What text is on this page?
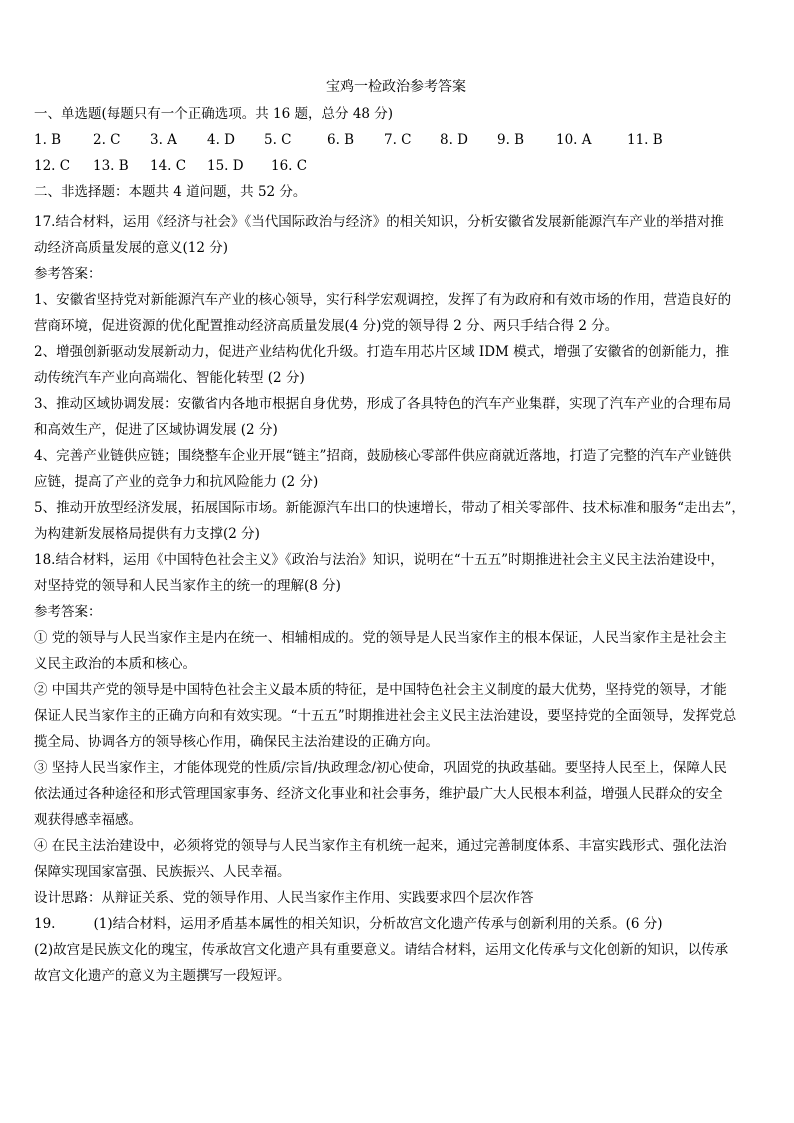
宝鸡一检政治参考答案
一、单选题(每题只有一个正确选项。共 16 题，总分 48 分)
1. B 2. C 3. A 4. D 5. C	6. B 7. C 8. D 9. B 10. A	11. B
12. C 13. B 14. C 15. D 16. C
二、非选择题：本题共 4 道问题，共 52 分。
17.结合材料，运用《经济与社会》《当代国际政治与经济》的相关知识，分析安徽省发展新能源汽车产业的举措对推
动经济高质量发展的意义(12 分)
参考答案：
1、安徽省坚持党对新能源汽车产业的核心领导，实行科学宏观调控，发挥了有为政府和有效市场的作用，营造良好的
营商环境，促进资源的优化配置推动经济高质量发展(4 分)党的领导得 2 分、两只手结合得 2 分。
2、增强创新驱动发展新动力，促进产业结构优化升级。打造车用芯片区域 IDM 模式，增强了安徽省的创新能力，推
动传统汽车产业向高端化、智能化转型 (2 分)
3、推动区域协调发展：安徽省内各地市根据自身优势，形成了各具特色的汽车产业集群，实现了汽车产业的合理布局
和高效生产，促进了区域协调发展 (2 分)
4、完善产业链供应链；围绕整车企业开展“链主”招商，鼓励核心零部件供应商就近落地，打造了完整的汽车产业链供
应链，提高了产业的竞争力和抗风险能力 (2 分)
5、推动开放型经济发展，拓展国际市场。新能源汽车出口的快速增长，带动了相关零部件、技术标准和服务“走出去”，
为构建新发展格局提供有力支撑(2 分)
18.结合材料，运用《中国特色社会主义》《政治与法治》知识，说明在“十五五”时期推进社会主义民主法治建设中，
对坚持党的领导和人民当家作主的统一的理解(8 分)
参考答案：
① 党的领导与人民当家作主是内在统一、相辅相成的。党的领导是人民当家作主的根本保证，人民当家作主是社会主
义民主政治的本质和核心。
② 中国共产党的领导是中国特色社会主义最本质的特征，是中国特色社会主义制度的最大优势，坚持党的领导，才能
保证人民当家作主的正确方向和有效实现。“十五五”时期推进社会主义民主法治建设，要坚持党的全面领导，发挥党总
揽全局、协调各方的领导核心作用，确保民主法治建设的正确方向。
③ 坚持人民当家作主，才能体现党的性质/宗旨/执政理念/初心使命，巩固党的执政基础。要坚持人民至上，保障人民
依法通过各种途径和形式管理国家事务、经济文化事业和社会事务，维护最广大人民根本利益，增强人民群众的安全
观获得感幸福感。
④ 在民主法治建设中，必须将党的领导与人民当家作主有机统一起来，通过完善制度体系、丰富实践形式、强化法治
保障实现国家富强、民族振兴、人民幸福。
设计思路：从辩证关系、党的领导作用、人民当家作主作用、实践要求四个层次作答
19.	(1)结合材料，运用矛盾基本属性的相关知识，分析故宫文化遗产传承与创新利用的关系。(6 分)
(2)故宫是民族文化的瑰宝，传承故宫文化遗产具有重要意义。请结合材料，运用文化传承与文化创新的知识，以传承
故宫文化遗产的意义为主题撰写一段短评。
